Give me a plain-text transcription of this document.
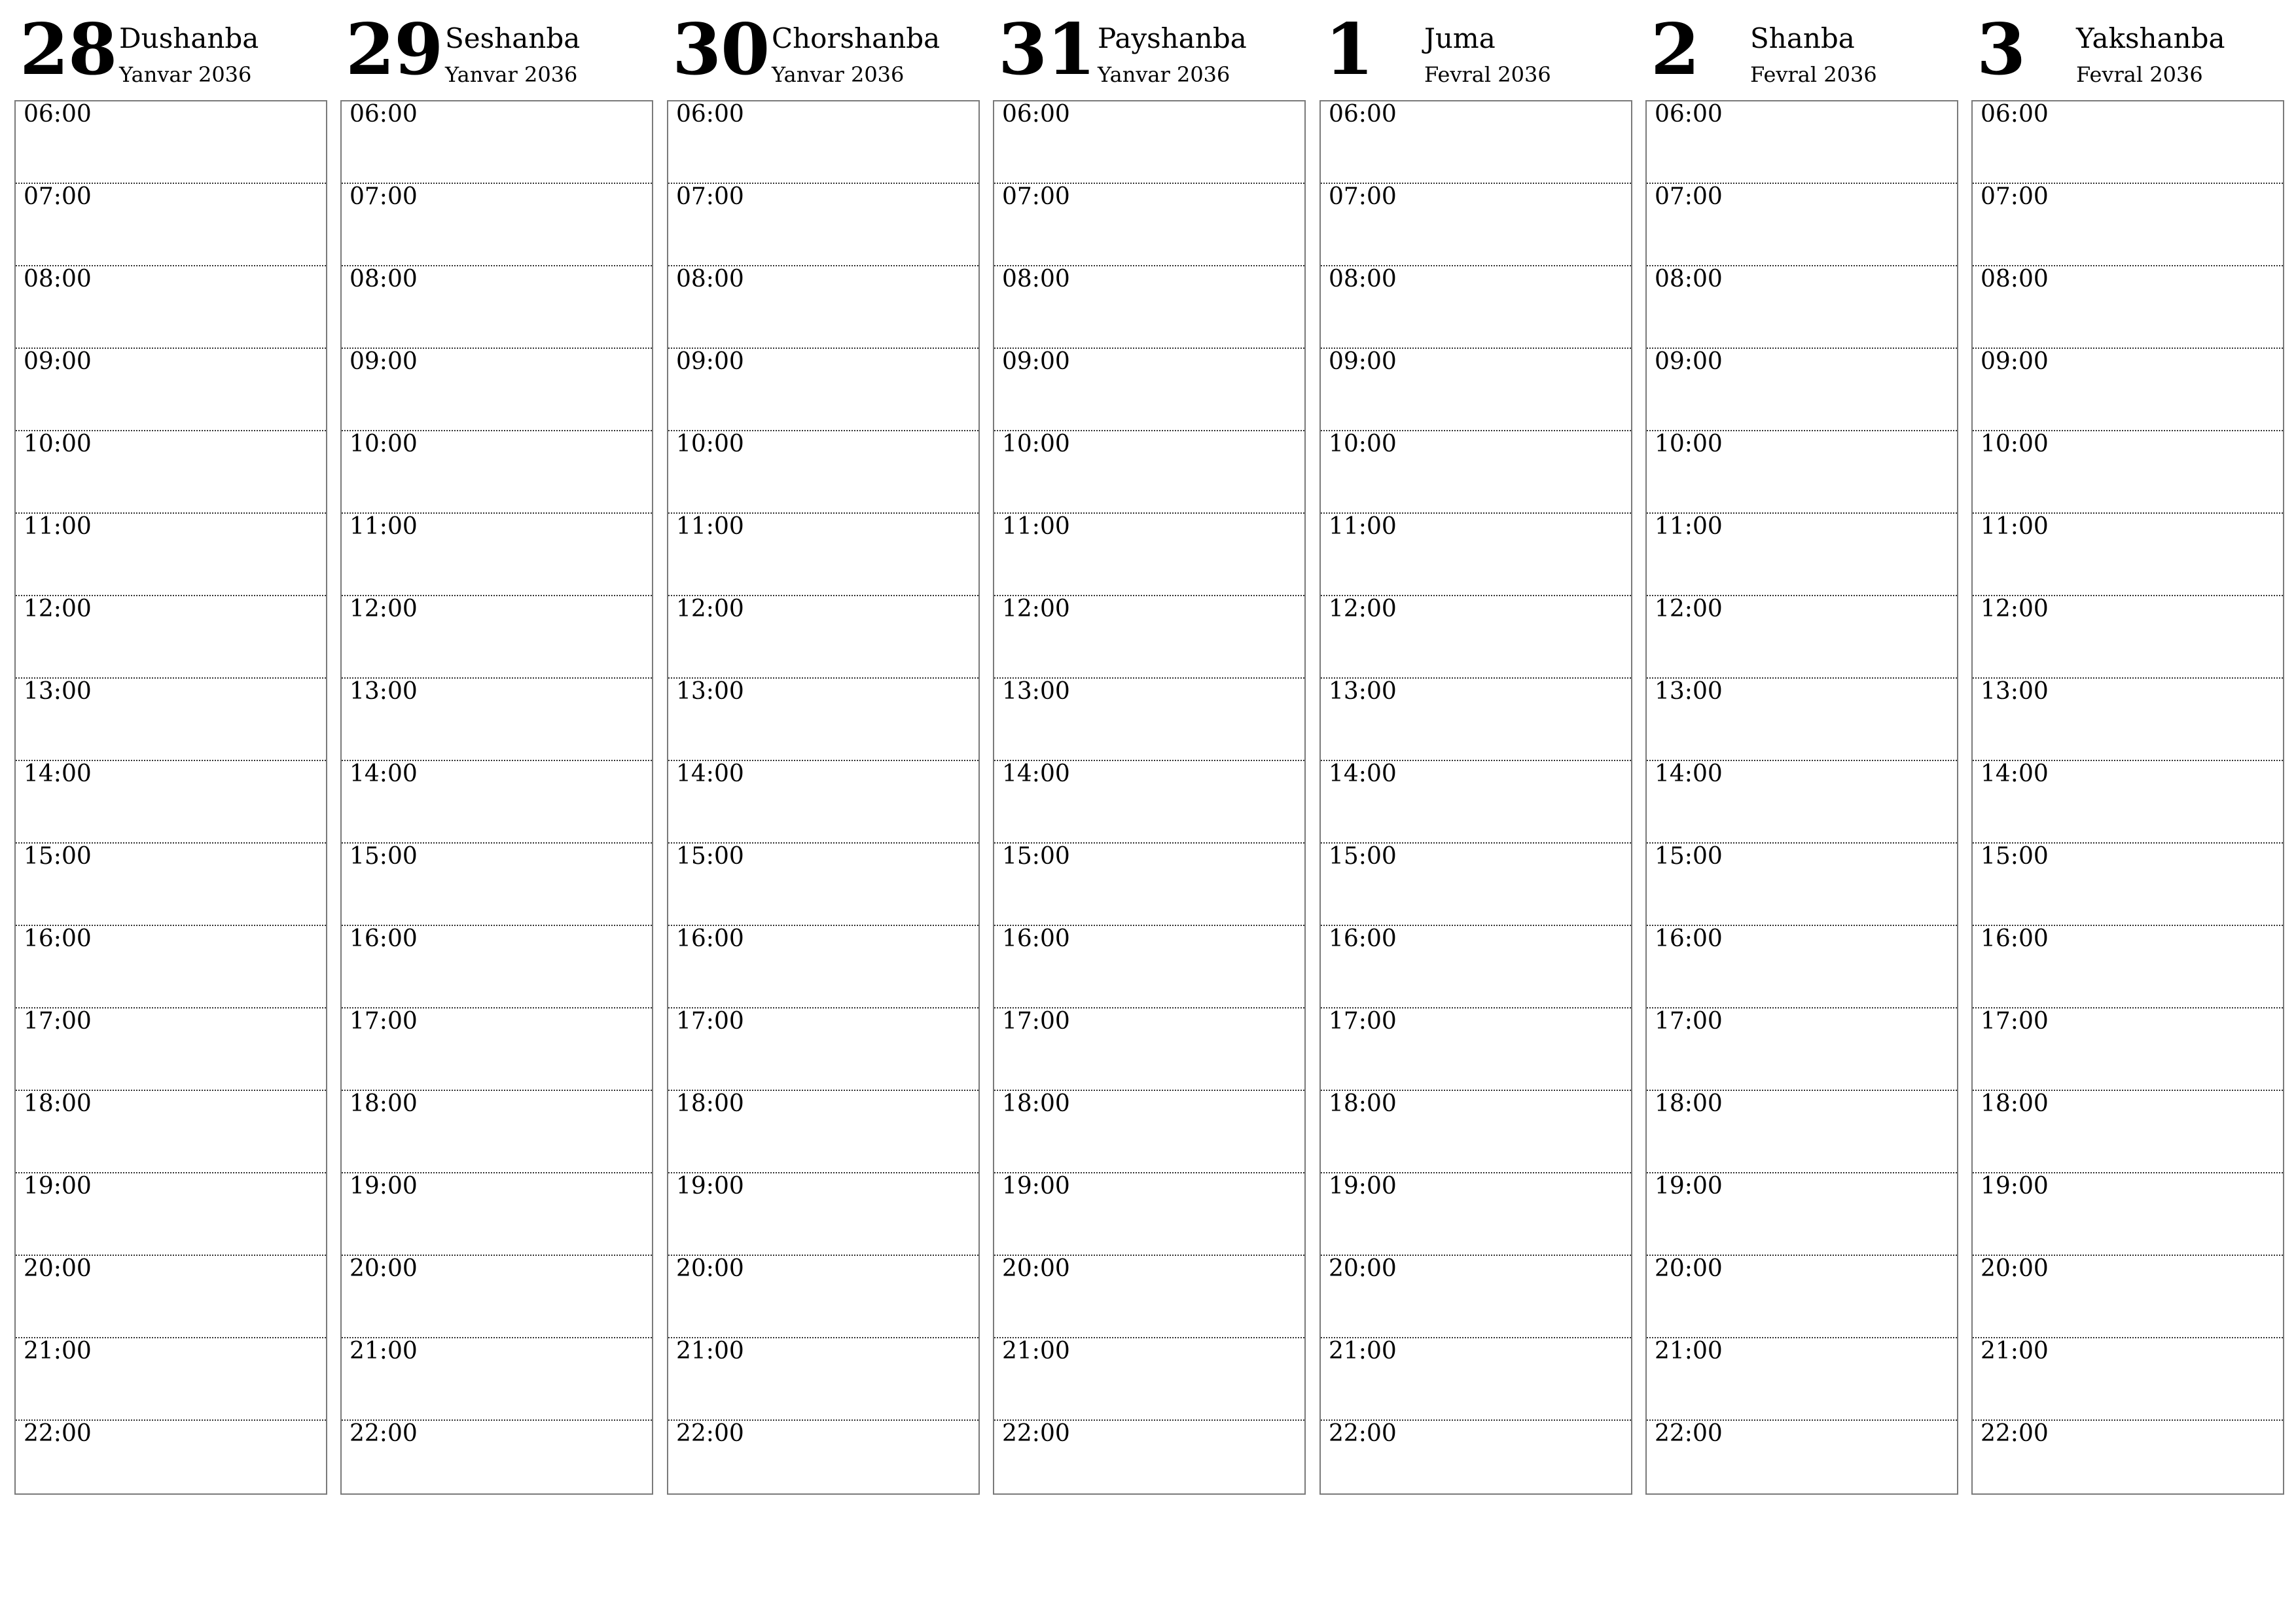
28 Dushanba
Yanvar 2036
06:00
07:00
08:00
09:00
10:00
11:00
12:00
13:00
14:00
15:00
16:00
17:00
18:00
19:00
20:00
21:00
22:00
29 Seshanba
Yanvar 2036
06:00
07:00
08:00
09:00
10:00
11:00
12:00
13:00
14:00
15:00
16:00
17:00
18:00
19:00
20:00
21:00
22:00
30 Chorshanba
Yanvar 2036
06:00
07:00
08:00
09:00
10:00
11:00
12:00
13:00
14:00
15:00
16:00
17:00
18:00
19:00
20:00
21:00
22:00
31 Payshanba
Yanvar 2036
06:00
07:00
08:00
09:00
10:00
11:00
12:00
13:00
14:00
15:00
16:00
17:00
18:00
19:00
20:00
21:00
22:00
1 Juma
Fevral 2036
06:00
07:00
08:00
09:00
10:00
11:00
12:00
13:00
14:00
15:00
16:00
17:00
18:00
19:00
20:00
21:00
22:00
2 Shanba
Fevral 2036
06:00
07:00
08:00
09:00
10:00
11:00
12:00
13:00
14:00
15:00
16:00
17:00
18:00
19:00
20:00
21:00
22:00
3 Yakshanba
Fevral 2036
06:00
07:00
08:00
09:00
10:00
11:00
12:00
13:00
14:00
15:00
16:00
17:00
18:00
19:00
20:00
21:00
22:00
